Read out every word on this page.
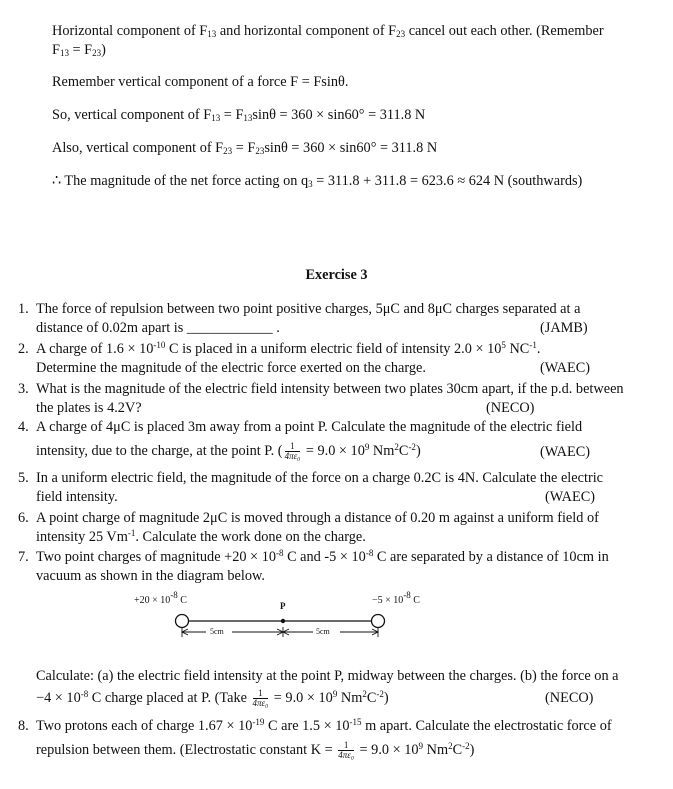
Horizontal component of $F_{13}$ and horizontal component of $F_{23}$ cancel out each other. (Remember
$F_{13} = F_{23}$)
Remember vertical component of a force F = Fsinθ.
So, vertical component of $F_{13} = F_{13}\sin\theta = 360 \times \sin 60^\circ = 311.8$ N
Also, vertical component of $F_{23} = F_{23}\sin\theta = 360 \times \sin 60^\circ = 311.8$ N
∴ The magnitude of the net force acting on $q_3 = 311.8 + 311.8 = 623.6 \approx 624$ N (southwards)
Exercise 3
1. The force of repulsion between two point positive charges, 5μC and 8μC charges separated at a
distance of 0.02m apart is ____________ .	(JAMB)
2. A charge of $1.6 \times 10^{-10}$ C is placed in a uniform electric field of intensity $2.0 \times 10^5$ $NC^{-1}$.
Determine the magnitude of the electric force exerted on the charge.	(WAEC)
3. What is the magnitude of the electric field intensity between two plates 30cm apart, if the p.d. between
the plates is 4.2V?	(NECO)
4. A charge of 4μC is placed 3m away from a point P. Calculate the magnitude of the electric field
intensity, due to the charge, at the point P. ( $\frac{1}{\text{4πε₀}} = 9.0 \times 10^9$ $Nm^2C^{-2}$)	(WAEC)
5. In a uniform electric field, the magnitude of the force on a charge 0.2C is 4N. Calculate the electric
field intensity.	(WAEC)
6. A point charge of magnitude 2μC is moved through a distance of 0.20 m against a uniform field of
intensity 25 $Vm^{-1}$. Calculate the work done on the charge.
7. Two point charges of magnitude $+20 \times 10^{-8}$ C and $-5 \times 10^{-8}$ C are separated by a distance of 10cm in
vacuum as shown in the diagram below.
$+20 \times 10^{-8}$ C	P	$-5 \times 10^{-8}$ C
5cm	5cm
Calculate: (a) the electric field intensity at the point P, midway between the charges. (b) the force on a
$-4 \times 10^{-8}$ C charge placed at P. (Take $\frac{1}{\text{4πε₀}} = 9.0 \times 10^9$ $Nm^2C^{-2}$)	(NECO)
8. Two protons each of charge $1.67 \times 10^{-19}$ C are $1.5 \times 10^{-15}$ m apart. Calculate the electrostatic force of
repulsion between them. (Electrostatic constant $K = \frac{1}{\text{4πε₀}} = 9.0 \times 10^9$ $Nm^2C^{-2}$)
